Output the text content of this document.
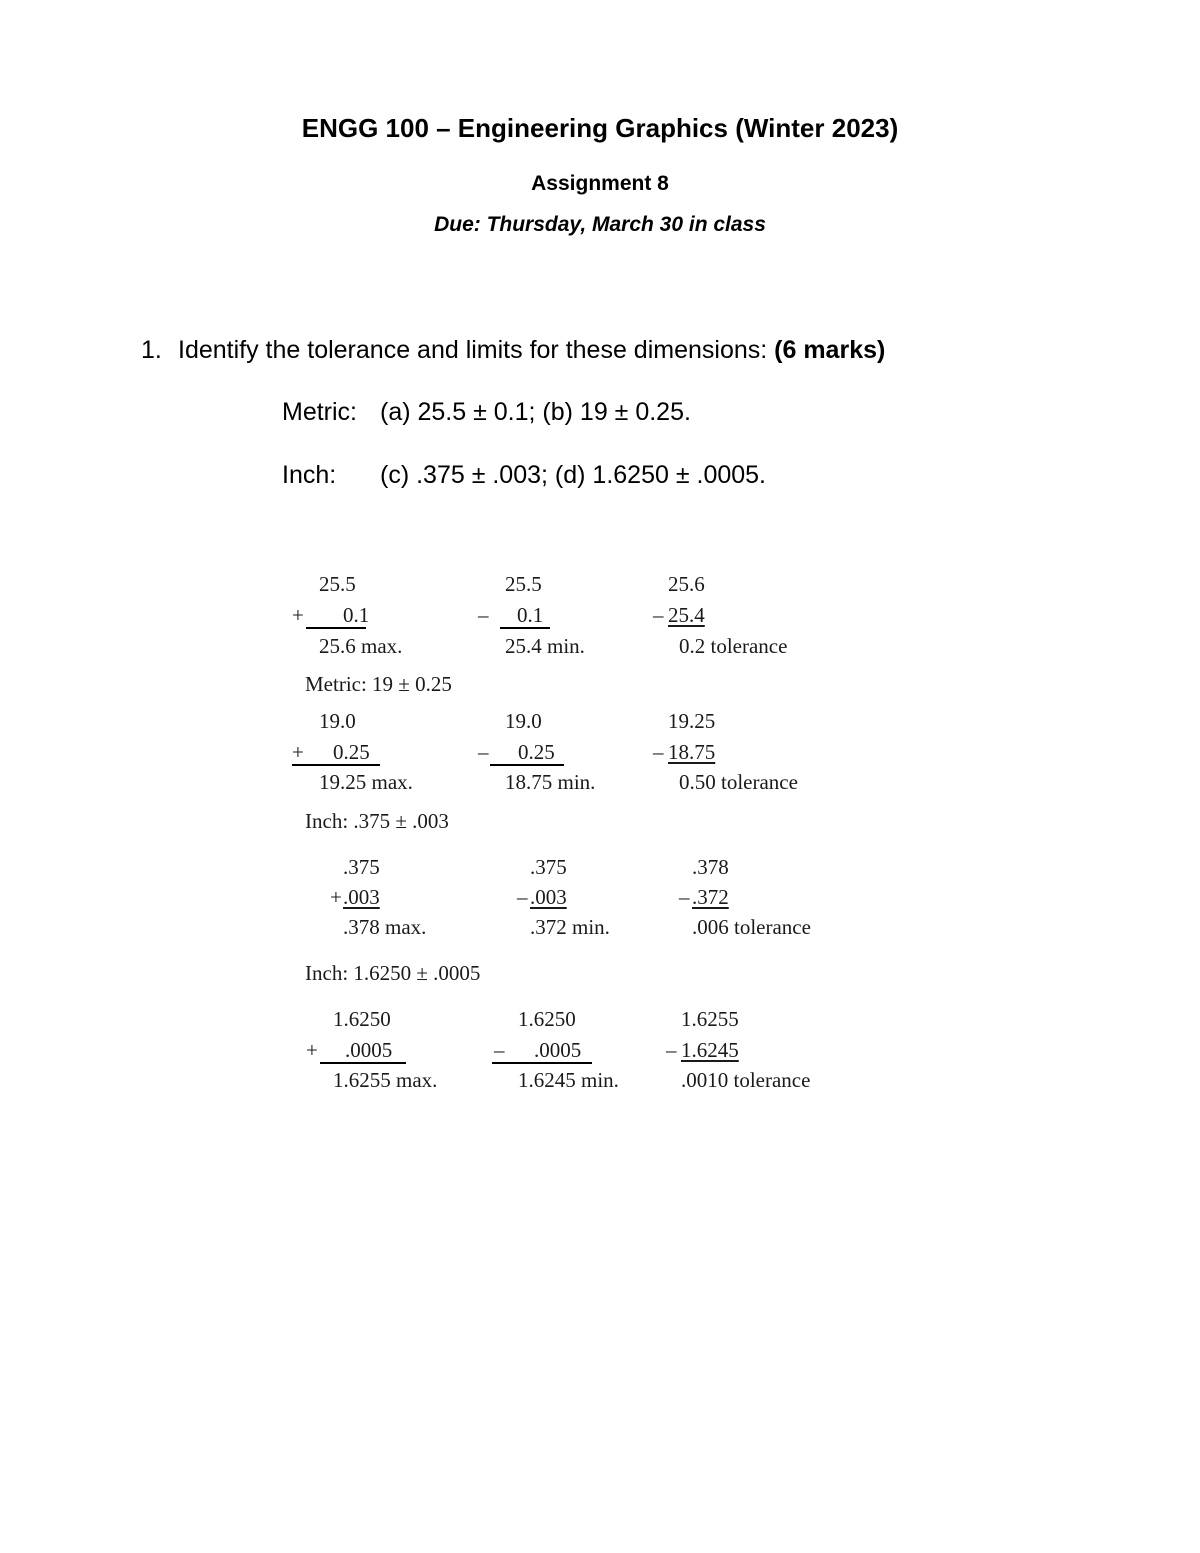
ENGG 100 – Engineering Graphics (Winter 2023)
Assignment 8
Due: Thursday, March 30 in class
1. Identify the tolerance and limits for these dimensions: (6 marks)
Metric: (a) 25.5 ± 0.1; (b) 19 ± 0.25.
Inch: (c) .375 ± .003; (d) 1.6250 ± .0005.
25.5
+ 0.1
25.6 max.
25.5
– 0.1
25.4 min.
25.6
– 25.4
0.2 tolerance
Metric: 19 ± 0.25
19.0
+ 0.25
19.25 max.
19.0
– 0.25
18.75 min.
19.25
– 18.75
0.50 tolerance
Inch: .375 ± .003
.375
+ .003
.378 max.
.375
– .003
.372 min.
.378
– .372
.006 tolerance
Inch: 1.6250 ± .0005
1.6250
+ .0005
1.6255 max.
1.6250
– .0005
1.6245 min.
1.6255
– 1.6245
.0010 tolerance
